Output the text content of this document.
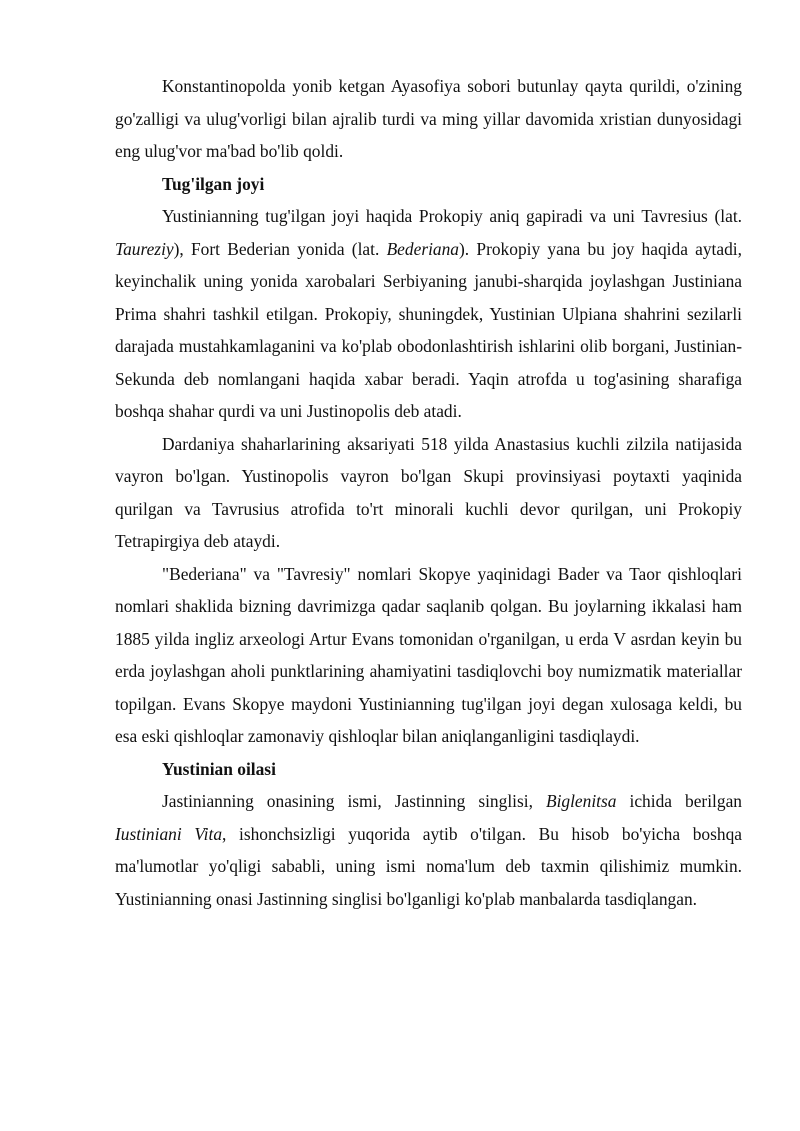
Konstantinopolda yonib ketgan Ayasofiya sobori butunlay qayta qurildi, o'zining go'zalligi va ulug'vorligi bilan ajralib turdi va ming yillar davomida xristian dunyosidagi eng ulug'vor ma'bad bo'lib qoldi.

Tug'ilgan joyi

Yustinianning tug'ilgan joyi haqida Prokopiy aniq gapiradi va uni Tavresius (lat. Taureziy), Fort Bederian yonida (lat. Bederiana). Prokopiy yana bu joy haqida aytadi, keyinchalik uning yonida xarobalari Serbiyaning janubi-sharqida joylashgan Justiniana Prima shahri tashkil etilgan. Prokopiy, shuningdek, Yustinian Ulpiana shahrini sezilarli darajada mustahkamlaganini va ko'plab obodonlashtirish ishlarini olib borgani, Justinian-Sekunda deb nomlangani haqida xabar beradi. Yaqin atrofda u tog'asining sharafiga boshqa shahar qurdi va uni Justinopolis deb atadi.

Dardaniya shaharlarining aksariyati 518 yilda Anastasius kuchli zilzila natijasida vayron bo'lgan. Yustinopolis vayron bo'lgan Skupi provinsiyasi poytaxti yaqinida qurilgan va Tavrusius atrofida to'rt minorali kuchli devor qurilgan, uni Prokopiy Tetrapirgiya deb ataydi.

"Bederiana" va "Tavresiy" nomlari Skopye yaqinidagi Bader va Taor qishloqlari nomlari shaklida bizning davrimizga qadar saqlanib qolgan. Bu joylarning ikkalasi ham 1885 yilda ingliz arxeologi Artur Evans tomonidan o'rganilgan, u erda V asrdan keyin bu erda joylashgan aholi punktlarining ahamiyatini tasdiqlovchi boy numizmatik materiallar topilgan. Evans Skopye maydoni Yustinianning tug'ilgan joyi degan xulosaga keldi, bu esa eski qishloqlar zamonaviy qishloqlar bilan aniqlanganligini tasdiqlaydi.

Yustinian oilasi

Jastinianning onasining ismi, Jastinning singlisi, Biglenitsa ichida berilgan Iustiniani Vita, ishonchsizligi yuqorida aytib o'tilgan. Bu hisob bo'yicha boshqa ma'lumotlar yo'qligi sababli, uning ismi noma'lum deb taxmin qilishimiz mumkin. Yustinianning onasi Jastinning singlisi bo'lganligi ko'plab manbalarda tasdiqlangan.
